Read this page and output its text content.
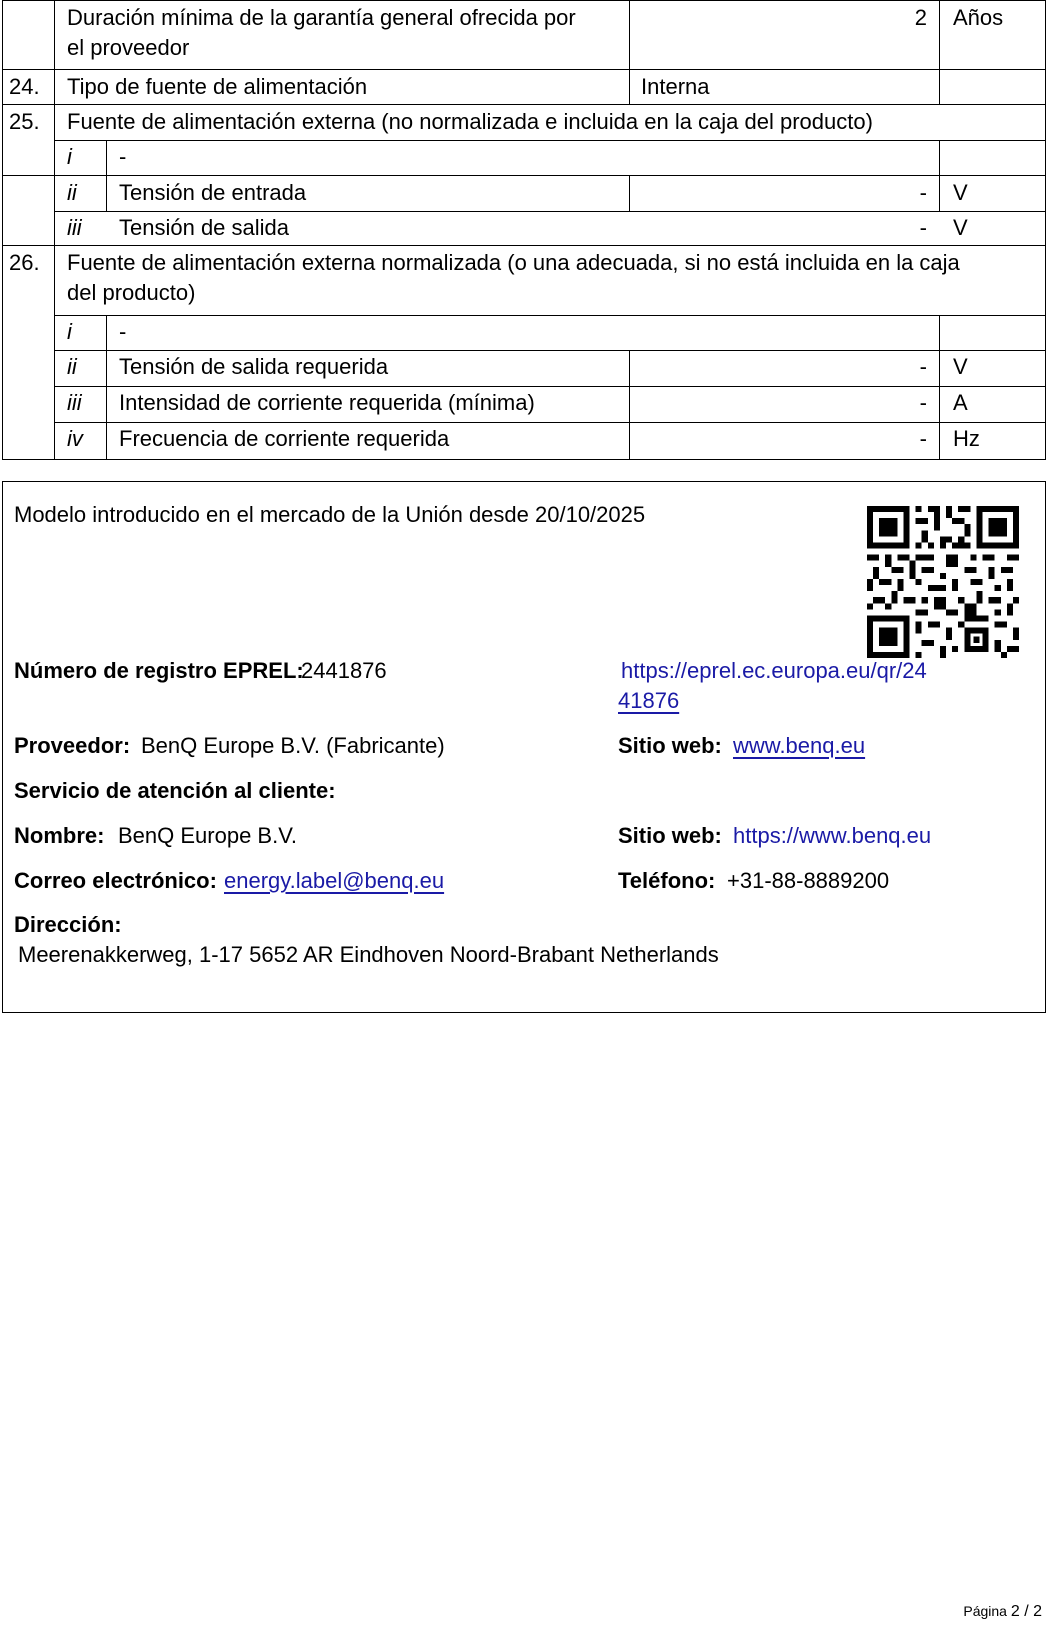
Duración mínima de la garantía general ofrecida por
el proveedor
2 Años
24. Tipo de fuente de alimentación	Interna
25. Fuente de alimentación externa (no normalizada e incluida en la caja del producto)
i -
ii Tensión de entrada	- V
iii Tensión de salida	- V
26. Fuente de alimentación externa normalizada (o una adecuada, si no está incluida en la caja
del producto)
i -
ii Tensión de salida requerida	- V
iii Intensidad de corriente requerida (mínima)	- A
iv Frecuencia de corriente requerida	- Hz
Modelo introducido en el mercado de la Unión desde 20/10/2025
Número de registro EPREL:
2441876	https://eprel.ec.europa.eu/qr/24
41876
Proveedor: BenQ Europe B.V. (Fabricante)	Sitio web: www.benq.eu
Servicio de atención al cliente:
Nombre: BenQ Europe B.V.	Sitio web: https://www.benq.eu
Correo electrónico: energy.label@benq.eu	Teléfono: +31-88-8889200
Dirección:
Meerenakkerweg, 1-17 5652 AR Eindhoven Noord-Brabant Netherlands
Página 2 / 2
